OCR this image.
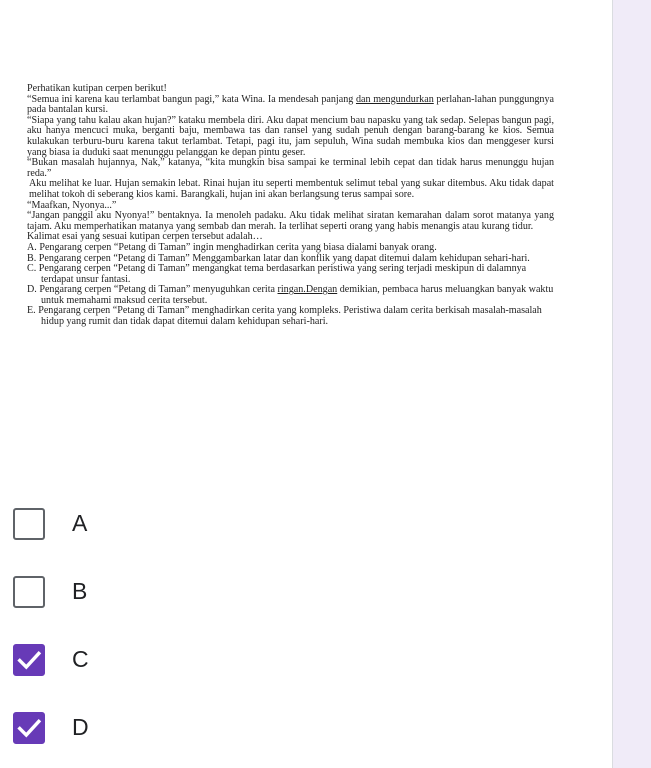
Perhatikan kutipan cerpen berikut!

“Semua ini karena kau terlambat bangun pagi,” kata Wina. Ia mendesah panjang dan mengundurkan perlahan-lahan punggungnya pada bantalan kursi.

“Siapa yang tahu kalau akan hujan?” kataku membela diri. Aku dapat mencium bau napasku yang tak sedap. Selepas bangun pagi, aku hanya mencuci muka, berganti baju, membawa tas dan ransel yang sudah penuh dengan barang-barang ke kios. Semua kulakukan terburu-buru karena takut terlambat. Tetapi, pagi itu, jam sepuluh, Wina sudah membuka kios dan menggeser kursi yang biasa ia duduki saat menunggu pelanggan ke depan pintu geser.

“Bukan masalah hujannya, Nak,” katanya, “kita mungkin bisa sampai ke terminal lebih cepat dan tidak harus menunggu hujan reda.”

Aku melihat ke luar. Hujan semakin lebat. Rinai hujan itu seperti membentuk selimut tebal yang sukar ditembus. Aku tidak dapat melihat tokoh di seberang kios kami. Barangkali, hujan ini akan berlangsung terus sampai sore.

“Maafkan, Nyonya...”

“Jangan panggil aku Nyonya!” bentaknya. Ia menoleh padaku. Aku tidak melihat siratan kemarahan dalam sorot matanya yang tajam. Aku memperhatikan matanya yang sembab dan merah. Ia terlihat seperti orang yang habis menangis atau kurang tidur.

Kalimat esai yang sesuai kutipan cerpen tersebut adalah…

A. Pengarang cerpen “Petang di Taman” ingin menghadirkan cerita yang biasa dialami banyak orang.

B. Pengarang cerpen “Petang di Taman” Menggambarkan latar dan konflik yang dapat ditemui dalam kehidupan sehari-hari.

C. Pengarang cerpen “Petang di Taman” mengangkat tema berdasarkan peristiwa yang sering terjadi meskipun di dalamnya terdapat unsur fantasi.

D. Pengarang cerpen “Petang di Taman” menyuguhkan cerita ringan.Dengan demikian, pembaca harus meluangkan banyak waktu untuk memahami maksud cerita tersebut.

E. Pengarang cerpen “Petang di Taman” menghadirkan cerita yang kompleks. Peristiwa dalam cerita berkisah masalah-masalah hidup yang rumit dan tidak dapat ditemui dalam kehidupan sehari-hari.

A
B
C
D
